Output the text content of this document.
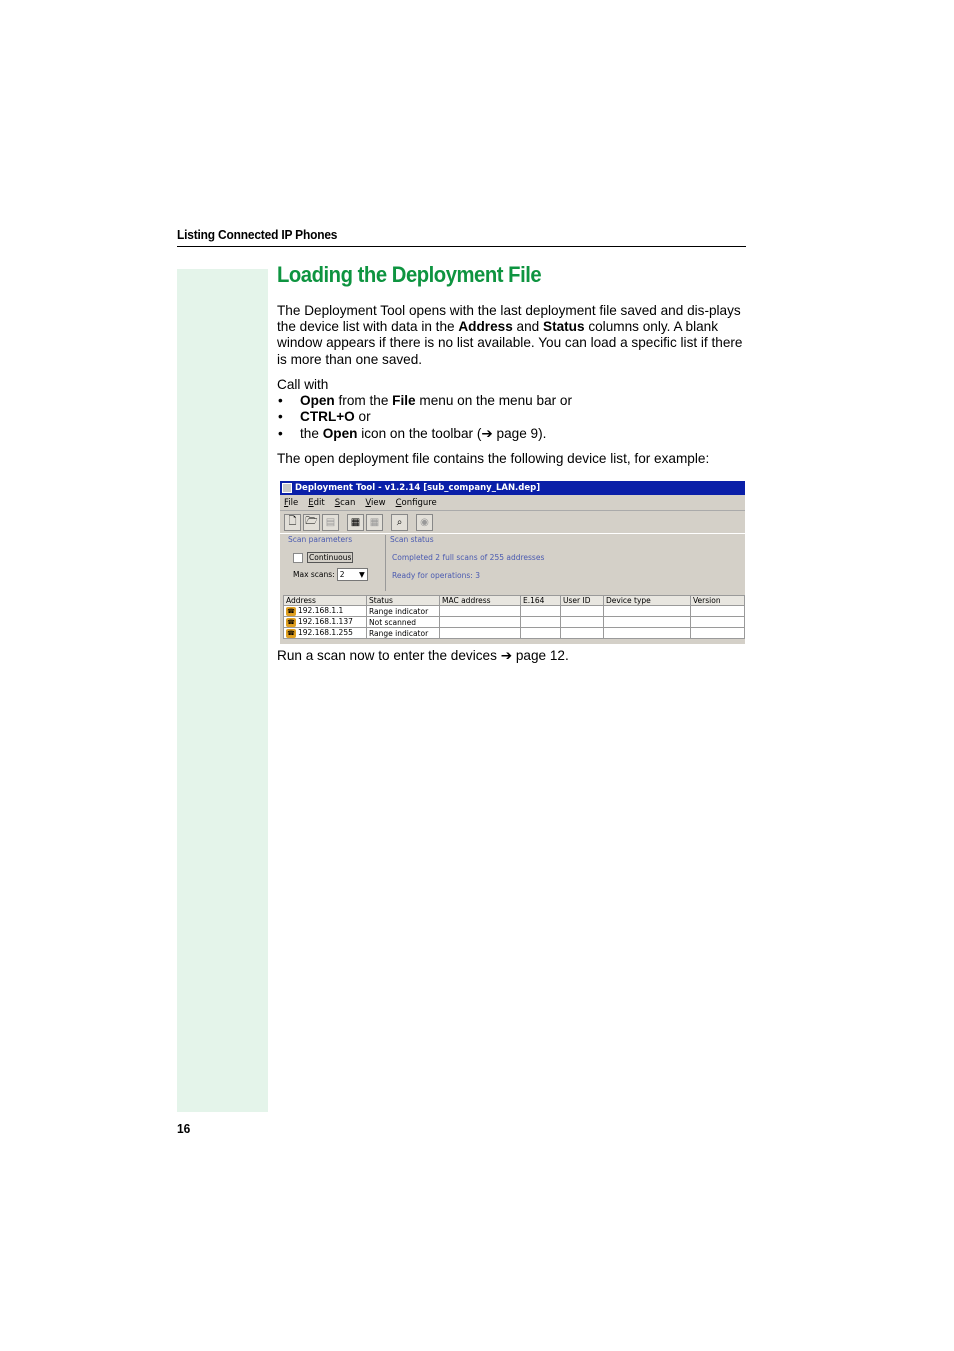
Listing Connected IP Phones
Loading the Deployment File

The Deployment Tool opens with the last deployment file saved and dis-plays the device list with data in the Address and Status columns only. A blank window appears if there is no list available. You can load a specific list if there is more than one saved.

Call with

• Open from the File menu on the menu bar or
• CTRL+O or
• the Open icon on the toolbar (➔ page 9).

The open deployment file contains the following device list, for example:

Run a scan now to enter the devices ➔ page 12.

Deployment Tool - v1.2.14 [sub_company_LAN.dep]
File Edit Scan View Configure
🗋 🗁 ▤	▦ ▦	⌕	◉
Scan parameters
Continuous
Max scans: 2 ▼
Scan status
Completed 2 full scans of 255 addresses
Ready for operations: 3
Address	Status	MAC address	E.164	User ID	Device type	Version
☎ 192.168.1.1	Range indicator					
☎ 192.168.1.137	Not scanned					
☎ 192.168.1.255	Range indicator					
16
